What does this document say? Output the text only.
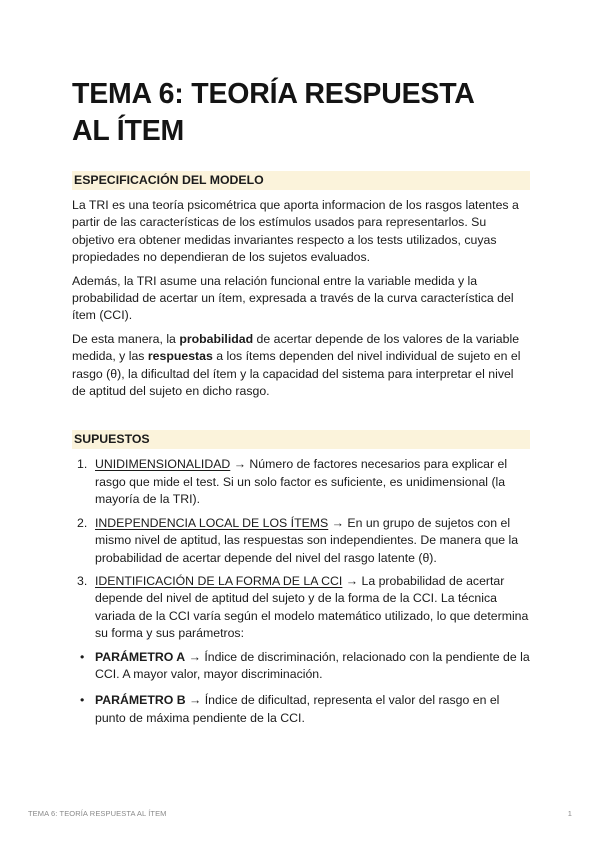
TEMA 6: TEORÍA RESPUESTA
AL ÍTEM
ESPECIFICACIÓN DEL MODELO

La TRI es una teoría psicométrica que aporta informacion de los rasgos latentes a partir de las características de los estímulos usados para representarlos. Su objetivo era obtener medidas invariantes respecto a los tests utilizados, cuyas propiedades no dependieran de los sujetos evaluados.

Además, la TRI asume una relación funcional entre la variable medida y la probabilidad de acertar un ítem, expresada a través de la curva característica del ítem (CCI).

De esta manera, la probabilidad de acertar depende de los valores de la variable medida, y las respuestas a los ítems dependen del nivel individual de sujeto en el rasgo (θ), la dificultad del ítem y la capacidad del sistema para interpretar el nivel de aptitud del sujeto en dicho rasgo.

SUPUESTOS
1. UNIDIMENSIONALIDAD → Número de factores necesarios para explicar el rasgo que mide el test. Si un solo factor es suficiente, es unidimensional (la mayoría de la TRI).
2. INDEPENDENCIA LOCAL DE LOS ÍTEMS → En un grupo de sujetos con el mismo nivel de aptitud, las respuestas son independientes. De manera que la probabilidad de acertar depende del nivel del rasgo latente (θ).
3. IDENTIFICACIÓN DE LA FORMA DE LA CCI → La probabilidad de acertar depende del nivel de aptitud del sujeto y de la forma de la CCI. La técnica variada de la CCI varía según el modelo matemático utilizado, lo que determina su forma y sus parámetros:
• PARÁMETRO A → Índice de discriminación, relacionado con la pendiente de la CCI. A mayor valor, mayor discriminación.
• PARÁMETRO B → Índice de dificultad, representa el valor del rasgo en el punto de máxima pendiente de la CCI.
TEMA 6: TEORÍA RESPUESTA AL ÍTEM	1
